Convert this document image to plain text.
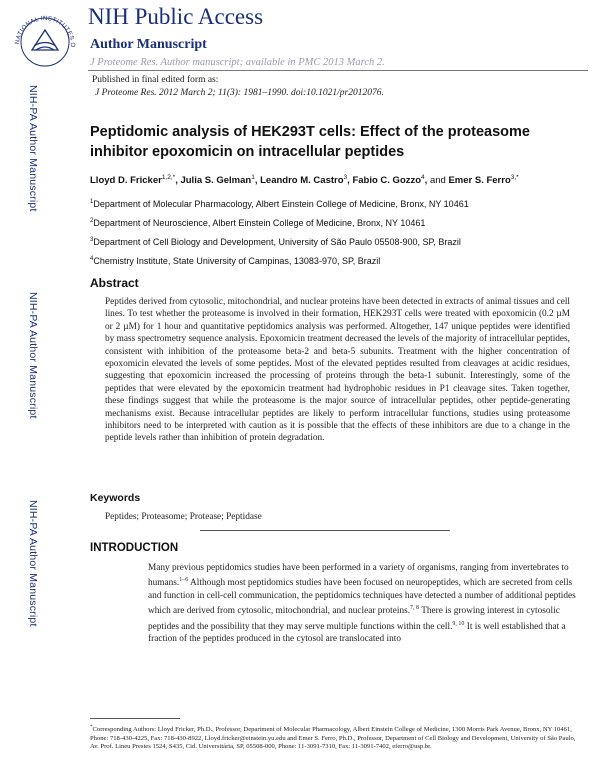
NATIONAL INSTITUTES O
NIH Public Access
Author Manuscript
J Proteome Res. Author manuscript; available in PMC 2013 March 2.
Published in final edited form as:
J Proteome Res. 2012 March 2; 11(3): 1981–1990. doi:10.1021/pr2012076.
NIH-PA Author Manuscript
NIH-PA Author Manuscript
NIH-PA Author Manuscript
Peptidomic analysis of HEK293T cells: Effect of the proteasome inhibitor epoxomicin on intracellular peptides
Lloyd D. Fricker$^{1,2,*}$, Julia S. Gelman$^1$, Leandro M. Castro$^3$, Fabio C. Gozzo$^4$, and Emer S. Ferro$^{3,*}$
$^1$Department of Molecular Pharmacology, Albert Einstein College of Medicine, Bronx, NY 10461
$^2$Department of Neuroscience, Albert Einstein College of Medicine, Bronx, NY 10461
$^3$Department of Cell Biology and Development, University of São Paulo 05508-900, SP, Brazil
$^4$Chemistry Institute, State University of Campinas, 13083-970, SP, Brazil
Abstract
Peptides derived from cytosolic, mitochondrial, and nuclear proteins have been detected in extracts of animal tissues and cell lines. To test whether the proteasome is involved in their formation, HEK293T cells were treated with epoxomicin (0.2 µM or 2 µM) for 1 hour and quantitative peptidomics analysis was performed. Altogether, 147 unique peptides were identified by mass spectrometry sequence analysis. Epoxomicin treatment decreased the levels of the majority of intracellular peptides, consistent with inhibition of the proteasome beta-2 and beta-5 subunits. Treatment with the higher concentration of epoxomicin elevated the levels of some peptides. Most of the elevated peptides resulted from cleavages at acidic residues, suggesting that epoxomicin increased the processing of proteins through the beta-1 subunit. Interestingly, some of the peptides that were elevated by the epoxomicin treatment had hydrophobic residues in P1 cleavage sites. Taken together, these findings suggest that while the proteasome is the major source of intracellular peptides, other peptide-generating mechanisms exist. Because intracellular peptides are likely to perform intracellular functions, studies using proteasome inhibitors need to be interpreted with caution as it is possible that the effects of these inhibitors are due to a change in the peptide levels rather than inhibition of protein degradation.
Keywords
Peptides; Proteasome; Protease; Peptidase
INTRODUCTION
Many previous peptidomics studies have been performed in a variety of organisms, ranging from invertebrates to humans.$^{1-6}$ Although most peptidomics studies have been focused on neuropeptides, which are secreted from cells and function in cell-cell communication, the peptidomics techniques have detected a number of additional peptides which are derived from cytosolic, mitochondrial, and nuclear proteins.$^{7, 8}$ There is growing interest in cytosolic peptides and the possibility that they may serve multiple functions within the cell.$^{9, 10}$ It is well established that a fraction of the peptides produced in the cytosol are translocated into
*Corresponding Authors: Lloyd Fricker, Ph.D., Professor, Department of Molecular Pharmacology, Albert Einstein College of Medicine, 1300 Morris Park Avenue, Bronx, NY 10461, Phone: 718-430-4225, Fax: 718-430-8922, Lloyd.fricker@einstein.yu.edu and Emer S. Ferro, Ph.D., Professor, Department of Cell Biology and Development, University of São Paulo, Av. Prof. Lineu Prestes 1524, S435, Cid. Universitária, SP, 05508-000, Phone: 11-3091-7310, Fax: 11-3091-7402, eferro@usp.br.
